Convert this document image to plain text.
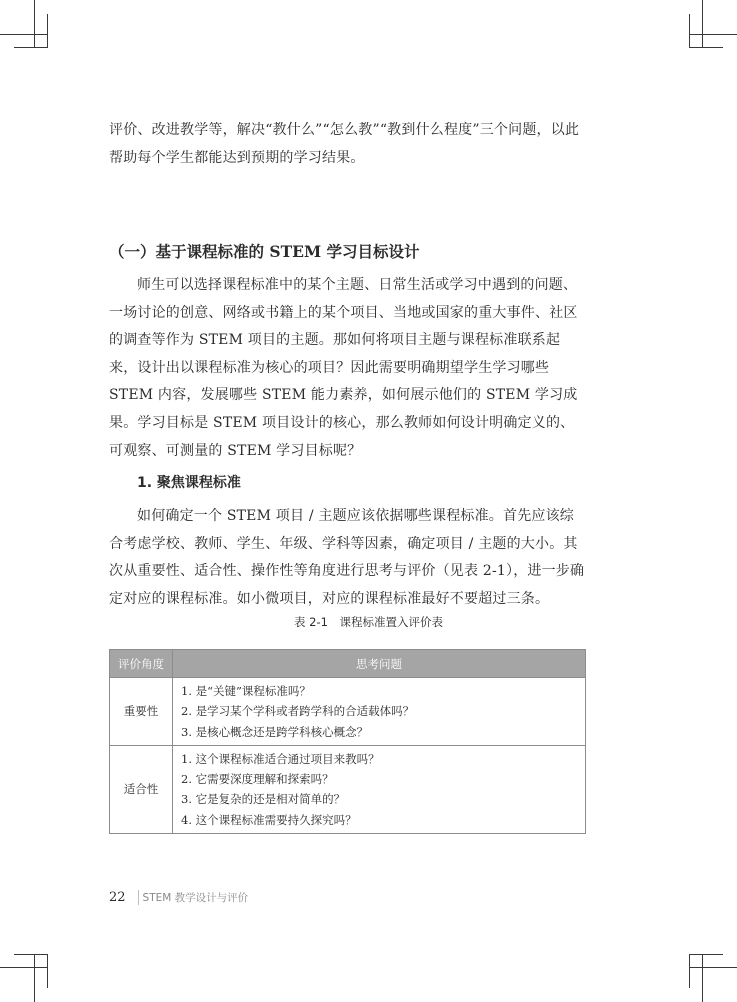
评价、改进教学等，解决“教什么”“怎么教”“教到什么程度”三个问题，以此帮助每个学生都能达到预期的学习结果。

（一）基于课程标准的 STEM 学习目标设计

师生可以选择课程标准中的某个主题、日常生活或学习中遇到的问题、一场讨论的创意、网络或书籍上的某个项目、当地或国家的重大事件、社区的调查等作为 STEM 项目的主题。那如何将项目主题与课程标准联系起来，设计出以课程标准为核心的项目？因此需要明确期望学生学习哪些 STEM 内容，发展哪些 STEM 能力素养，如何展示他们的 STEM 学习成果。学习目标是 STEM 项目设计的核心，那么教师如何设计明确定义的、可观察、可测量的 STEM 学习目标呢？

1. 聚焦课程标准

如何确定一个 STEM 项目 / 主题应该依据哪些课程标准。首先应该综合考虑学校、教师、学生、年级、学科等因素，确定项目 / 主题的大小。其次从重要性、适合性、操作性等角度进行思考与评价（见表 2-1），进一步确定对应的课程标准。如小微项目，对应的课程标准最好不要超过三条。

表 2-1　课程标准置入评价表

评价角度	思考问题
重要性	1. 是“关键”课程标准吗？
2. 是学习某个学科或者跨学科的合适载体吗？
3. 是核心概念还是跨学科核心概念？

适合性	1. 这个课程标准适合通过项目来教吗？
2. 它需要深度理解和探索吗？
3. 它是复杂的还是相对简单的？
4. 这个课程标准需要持久探究吗？
22	STEM 教学设计与评价
